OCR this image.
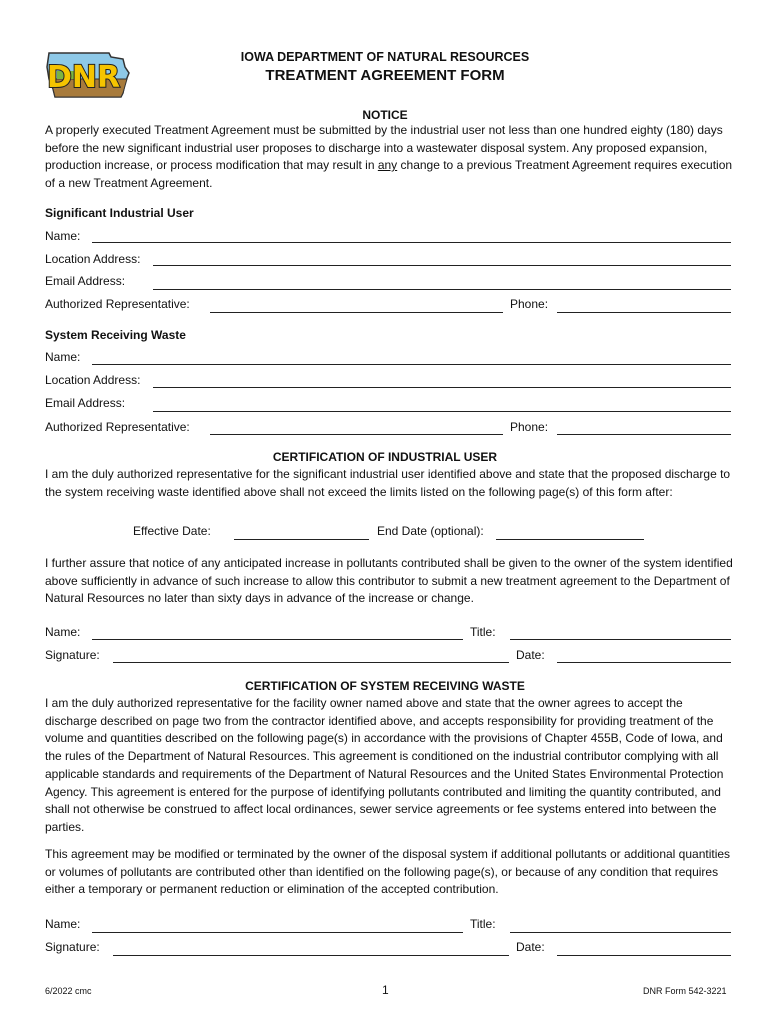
DNR
IOWA DEPARTMENT OF NATURAL RESOURCES
TREATMENT AGREEMENT FORM
NOTICE
A properly executed Treatment Agreement must be submitted by the industrial user not less than one hundred eighty (180) days before the new significant industrial user proposes to discharge into a wastewater disposal system. Any proposed expansion, production increase, or process modification that may result in any change to a previous Treatment Agreement requires execution of a new Treatment Agreement.
Significant Industrial User
Name:
Location Address:
Email Address:
Authorized Representative:	Phone:
System Receiving Waste
Name:
Location Address:
Email Address:
Authorized Representative:	Phone:
CERTIFICATION OF INDUSTRIAL USER
I am the duly authorized representative for the significant industrial user identified above and state that the proposed discharge to the system receiving waste identified above shall not exceed the limits listed on the following page(s) of this form after:
Effective Date:	End Date (optional):
I further assure that notice of any anticipated increase in pollutants contributed shall be given to the owner of the system identified above sufficiently in advance of such increase to allow this contributor to submit a new treatment agreement to the Department of Natural Resources no later than sixty days in advance of the increase or change.
Name:	Title:
Signature:	Date:
CERTIFICATION OF SYSTEM RECEIVING WASTE
I am the duly authorized representative for the facility owner named above and state that the owner agrees to accept the discharge described on page two from the contractor identified above, and accepts responsibility for providing treatment of the volume and quantities described on the following page(s) in accordance with the provisions of Chapter 455B, Code of Iowa, and the rules of the Department of Natural Resources. This agreement is conditioned on the industrial contributor complying with all applicable standards and requirements of the Department of Natural Resources and the United States Environmental Protection Agency. This agreement is entered for the purpose of identifying pollutants contributed and limiting the quantity contributed, and shall not otherwise be construed to affect local ordinances, sewer service agreements or fee systems entered into between the parties.
This agreement may be modified or terminated by the owner of the disposal system if additional pollutants or additional quantities or volumes of pollutants are contributed other than identified on the following page(s), or because of any condition that requires either a temporary or permanent reduction or elimination of the accepted contribution.
Name:	Title:
Signature:	Date:
6/2022 cmc	1	DNR Form 542-3221
